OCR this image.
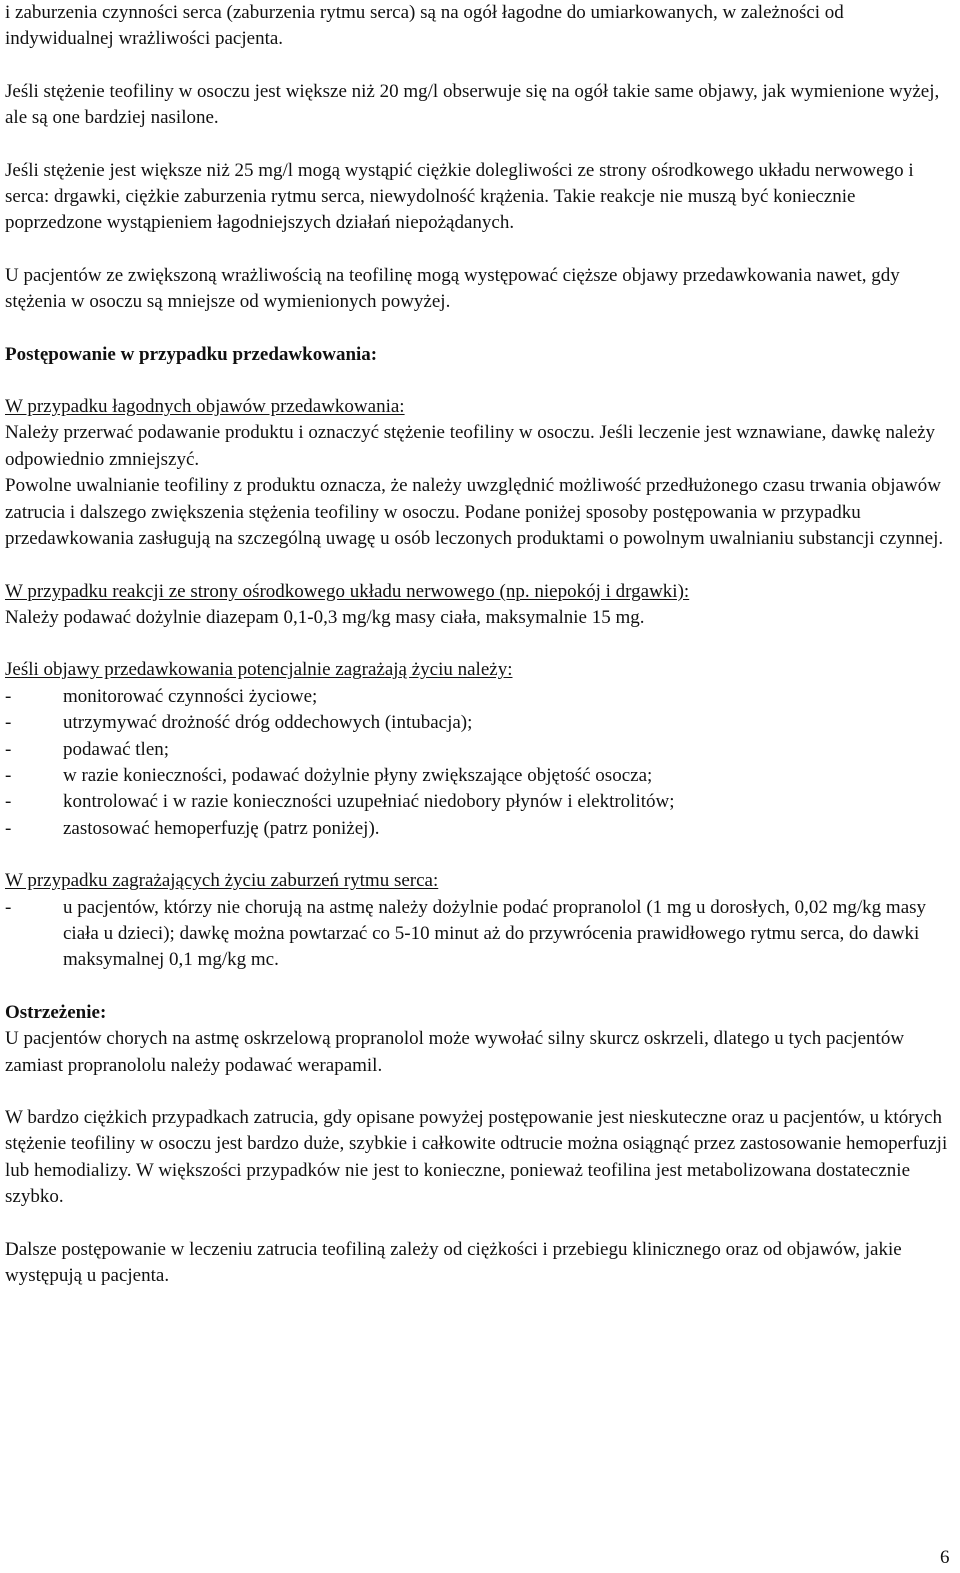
i zaburzenia czynności serca (zaburzenia rytmu serca) są na ogół łagodne do umiarkowanych, w zależności od indywidualnej wrażliwości pacjenta.

Jeśli stężenie teofiliny w osoczu jest większe niż 20 mg/l obserwuje się na ogół takie same objawy, jak wymienione wyżej, ale są one bardziej nasilone.

Jeśli stężenie jest większe niż 25 mg/l mogą wystąpić ciężkie dolegliwości ze strony ośrodkowego układu nerwowego i serca: drgawki, ciężkie zaburzenia rytmu serca, niewydolność krążenia. Takie reakcje nie muszą być koniecznie poprzedzone wystąpieniem łagodniejszych działań niepożądanych.

U pacjentów ze zwiększoną wrażliwością na teofilinę mogą występować cięższe objawy przedawkowania nawet, gdy stężenia w osoczu są mniejsze od wymienionych powyżej.

Postępowanie w przypadku przedawkowania:

W przypadku łagodnych objawów przedawkowania:

Należy przerwać podawanie produktu i oznaczyć stężenie teofiliny w osoczu. Jeśli leczenie jest wznawiane, dawkę należy odpowiednio zmniejszyć.

Powolne uwalnianie teofiliny z produktu oznacza, że należy uwzględnić możliwość przedłużonego czasu trwania objawów zatrucia i dalszego zwiększenia stężenia teofiliny w osoczu. Podane poniżej sposoby postępowania w przypadku przedawkowania zasługują na szczególną uwagę u osób leczonych produktami o powolnym uwalnianiu substancji czynnej.

W przypadku reakcji ze strony ośrodkowego układu nerwowego (np. niepokój i drgawki):

Należy podawać dożylnie diazepam 0,1-0,3 mg/kg masy ciała, maksymalnie 15 mg.

Jeśli objawy przedawkowania potencjalnie zagrażają życiu należy:

-	monitorować czynności życiowe;
-	utrzymywać drożność dróg oddechowych (intubacja);
-	podawać tlen;
-	w razie konieczności, podawać dożylnie płyny zwiększające objętość osocza;
-	kontrolować i w razie konieczności uzupełniać niedobory płynów i elektrolitów;
-	zastosować hemoperfuzję (patrz poniżej).

W przypadku zagrażających życiu zaburzeń rytmu serca:

-	u pacjentów, którzy nie chorują na astmę należy dożylnie podać propranolol (1 mg u dorosłych, 0,02 mg/kg masy ciała u dzieci); dawkę można powtarzać co 5-10 minut aż do przywrócenia prawidłowego rytmu serca, do dawki maksymalnej 0,1 mg/kg mc.

Ostrzeżenie:

U pacjentów chorych na astmę oskrzelową propranolol może wywołać silny skurcz oskrzeli, dlatego u tych pacjentów zamiast propranololu należy podawać werapamil.

W bardzo ciężkich przypadkach zatrucia, gdy opisane powyżej postępowanie jest nieskuteczne oraz u pacjentów, u których stężenie teofiliny w osoczu jest bardzo duże, szybkie i całkowite odtrucie można osiągnąć przez zastosowanie hemoperfuzji lub hemodializy. W większości przypadków nie jest to konieczne, ponieważ teofilina jest metabolizowana dostatecznie szybko.

Dalsze postępowanie w leczeniu zatrucia teofiliną zależy od ciężkości i przebiegu klinicznego oraz od objawów, jakie występują u pacjenta.

6
